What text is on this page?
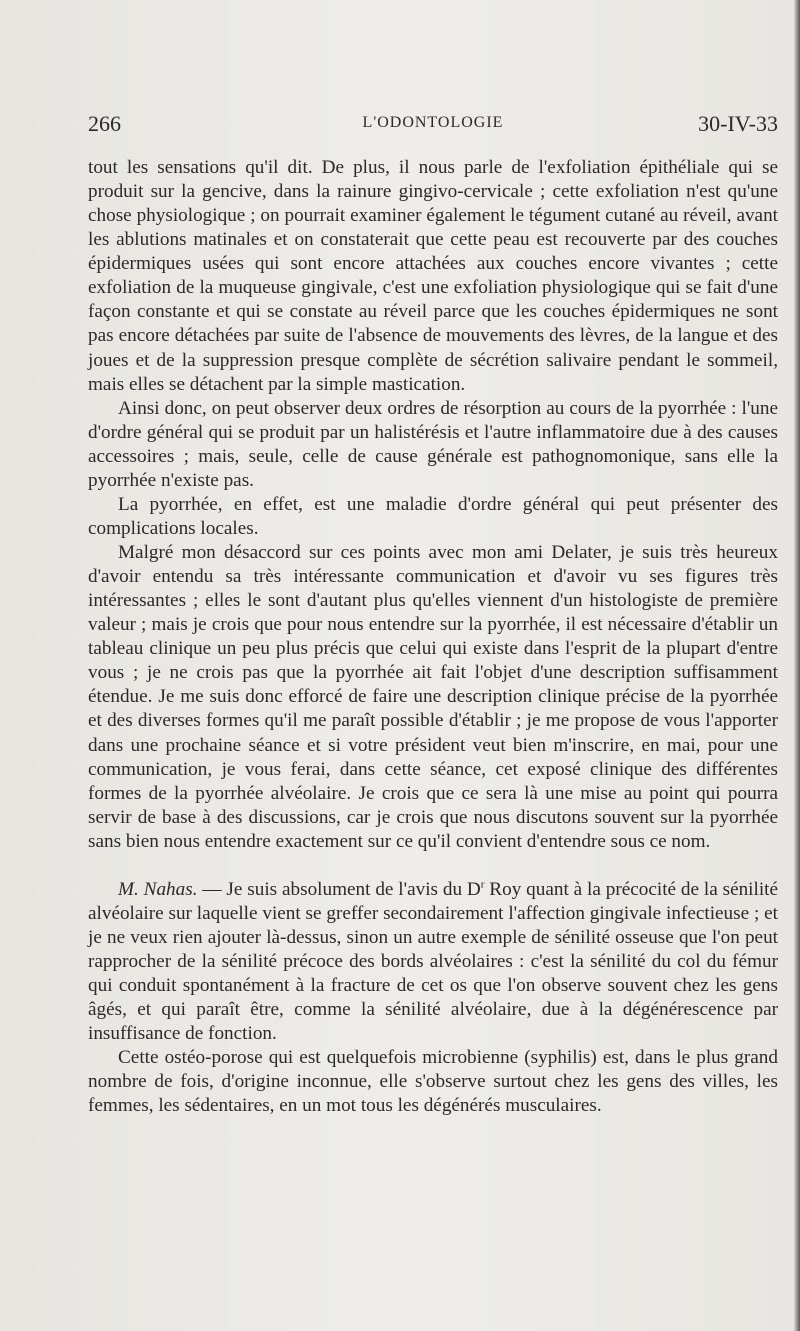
266	L'ODONTOLOGIE	30-IV-33

tout les sensations qu'il dit. De plus, il nous parle de l'exfoliation épithéliale qui se produit sur la gencive, dans la rainure gingivo-cervicale ; cette exfoliation n'est qu'une chose physiologique ; on pourrait examiner également le tégument cutané au réveil, avant les ablutions matinales et on constaterait que cette peau est recouverte par des couches épidermiques usées qui sont encore attachées aux couches encore vivantes ; cette exfoliation de la muqueuse gingivale, c'est une exfoliation physiologique qui se fait d'une façon constante et qui se constate au réveil parce que les couches épidermiques ne sont pas encore détachées par suite de l'absence de mouvements des lèvres, de la langue et des joues et de la suppression presque complète de sécrétion salivaire pendant le sommeil, mais elles se détachent par la simple mastication.

Ainsi donc, on peut observer deux ordres de résorption au cours de la pyorrhée : l'une d'ordre général qui se produit par un halistérésis et l'autre inflammatoire due à des causes accessoires ; mais, seule, celle de cause générale est pathognomonique, sans elle la pyorrhée n'existe pas.

La pyorrhée, en effet, est une maladie d'ordre général qui peut présenter des complications locales.

Malgré mon désaccord sur ces points avec mon ami Delater, je suis très heureux d'avoir entendu sa très intéressante communication et d'avoir vu ses figures très intéressantes ; elles le sont d'autant plus qu'elles viennent d'un histologiste de première valeur ; mais je crois que pour nous entendre sur la pyorrhée, il est nécessaire d'établir un tableau clinique un peu plus précis que celui qui existe dans l'esprit de la plupart d'entre vous ; je ne crois pas que la pyorrhée ait fait l'objet d'une description suffisamment étendue. Je me suis donc efforcé de faire une description clinique précise de la pyorrhée et des diverses formes qu'il me paraît possible d'établir ; je me propose de vous l'apporter dans une prochaine séance et si votre président veut bien m'inscrire, en mai, pour une communication, je vous ferai, dans cette séance, cet exposé clinique des différentes formes de la pyorrhée alvéolaire. Je crois que ce sera là une mise au point qui pourra servir de base à des discussions, car je crois que nous discutons souvent sur la pyorrhée sans bien nous entendre exactement sur ce qu'il convient d'entendre sous ce nom.

M. Nahas. — Je suis absolument de l'avis du $D^r$ Roy quant à la précocité de la sénilité alvéolaire sur laquelle vient se greffer secondairement l'affection gingivale infectieuse ; et je ne veux rien ajouter là-dessus, sinon un autre exemple de sénilité osseuse que l'on peut rapprocher de la sénilité précoce des bords alvéolaires : c'est la sénilité du col du fémur qui conduit spontanément à la fracture de cet os que l'on observe souvent chez les gens âgés, et qui paraît être, comme la sénilité alvéolaire, due à la dégénérescence par insuffisance de fonction.

Cette ostéo-porose qui est quelquefois microbienne (syphilis) est, dans le plus grand nombre de fois, d'origine inconnue, elle s'observe surtout chez les gens des villes, les femmes, les sédentaires, en un mot tous les dégénérés musculaires.
